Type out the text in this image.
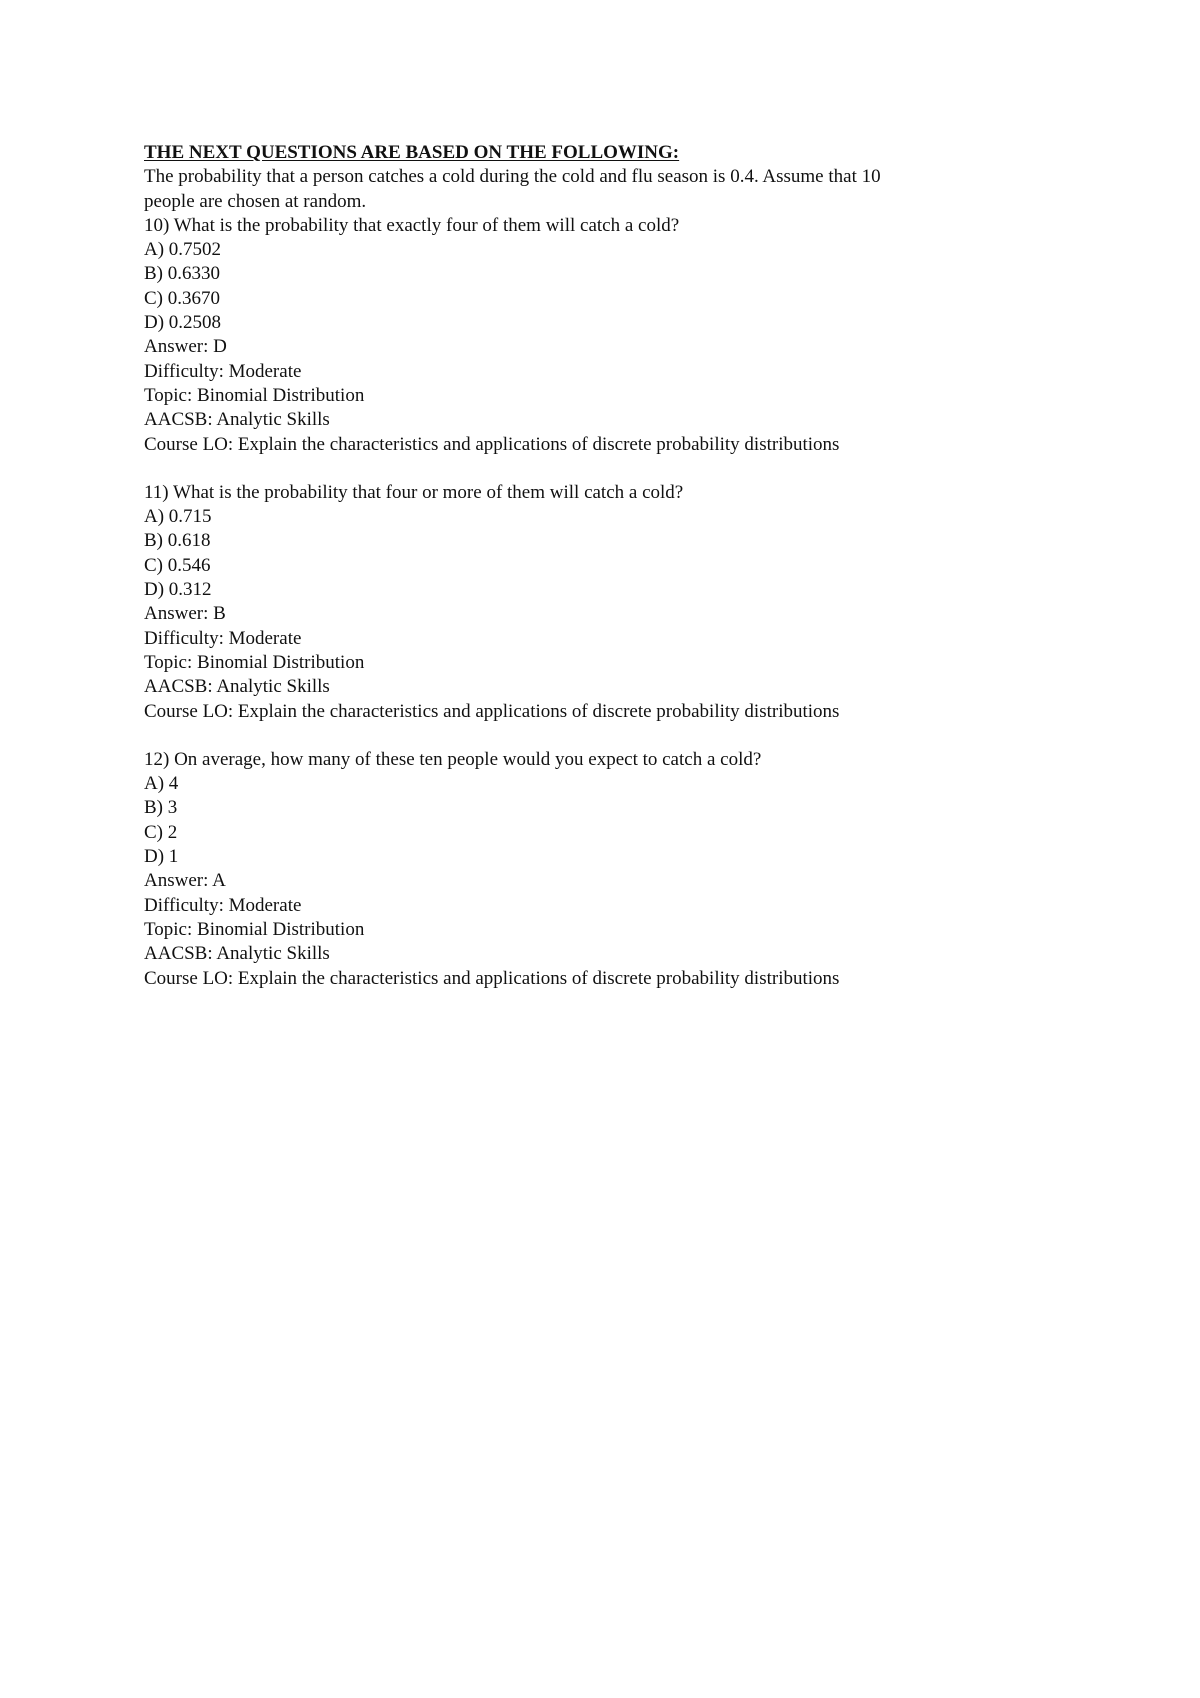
THE NEXT QUESTIONS ARE BASED ON THE FOLLOWING:

The probability that a person catches a cold during the cold and flu season is 0.4. Assume that 10

people are chosen at random.

10) What is the probability that exactly four of them will catch a cold?

A) 0.7502

B) 0.6330

C) 0.3670

D) 0.2508

Answer: D

Difficulty: Moderate

Topic: Binomial Distribution

AACSB: Analytic Skills

Course LO: Explain the characteristics and applications of discrete probability distributions

11) What is the probability that four or more of them will catch a cold?

A) 0.715

B) 0.618

C) 0.546

D) 0.312

Answer: B

Difficulty: Moderate

Topic: Binomial Distribution

AACSB: Analytic Skills

Course LO: Explain the characteristics and applications of discrete probability distributions

12) On average, how many of these ten people would you expect to catch a cold?

A) 4

B) 3

C) 2

D) 1

Answer: A

Difficulty: Moderate

Topic: Binomial Distribution

AACSB: Analytic Skills

Course LO: Explain the characteristics and applications of discrete probability distributions
